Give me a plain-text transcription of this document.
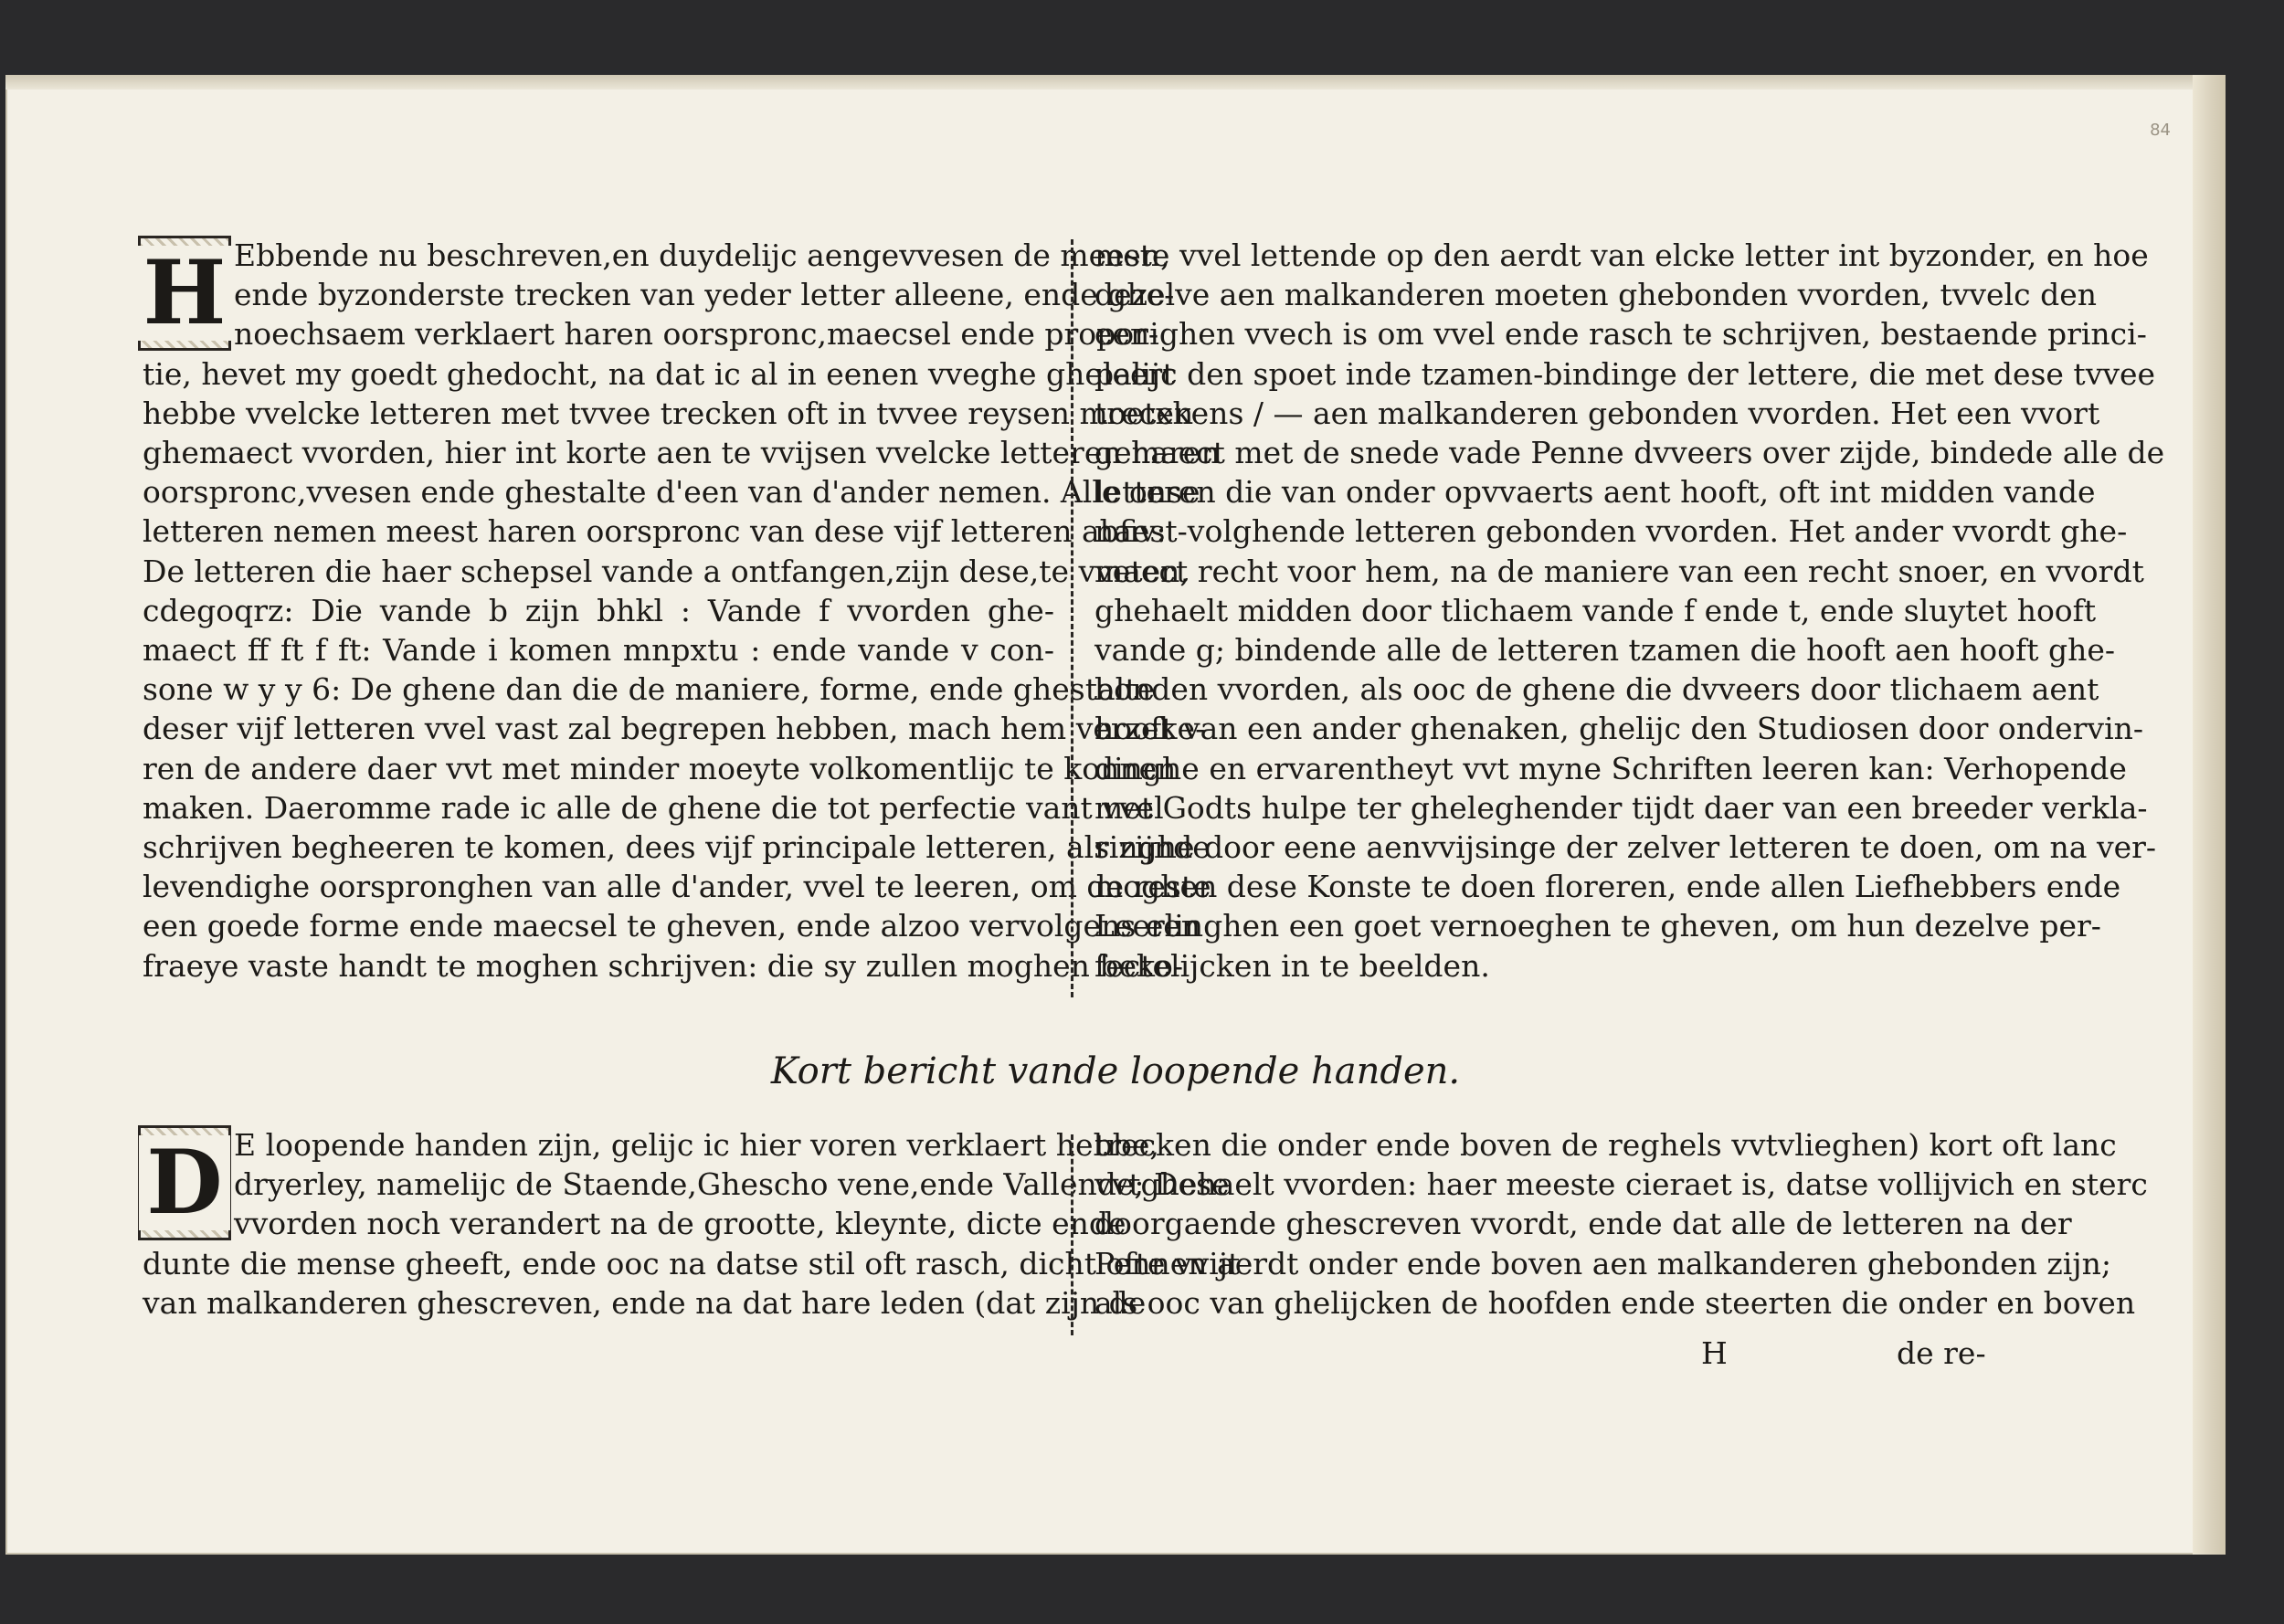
84
H Ebbende nu beschreven,en duydelijc aengevvesen de meeste
ende byzonderste trecken van yeder letter alleene, ende ghe-
noechsaem verklaert haren oorspronc,maecsel ende propor-
tie, hevet my goedt ghedocht, na dat ic al in eenen vveghe gheleert
hebbe vvelcke letteren met tvvee trecken oft in tvvee reysen moeten
ghemaect vvorden, hier int korte aen te vvijsen vvelcke letteren haren
oorspronc,vvesen ende ghestalte d'een van d'ander nemen. Alle onse
letteren nemen meest haren oorspronc van dese vijf letteren abfiv:
De letteren die haer schepsel vande a ontfangen,zijn dese,te vveten,
cdegoqrz: Die vande b zijn bhkl : Vande f vvorden ghe-
maect ff ft f ft: Vande i komen mnpxtu : ende vande v con-
sone w y y 6: De ghene dan die de maniere, forme, ende ghestalte
deser vijf letteren vvel vast zal begrepen hebben, mach hem verzeke-
ren de andere daer vvt met minder moeyte volkomentlijc te konnen
maken. Daeromme rade ic alle de ghene die tot perfectie vant vvel
schrijven begheeren te komen, dees vijf principale letteren, als zijnde
levendighe oorspronghen van alle d'ander, vvel te leeren, om de reste
een goede forme ende maecsel te gheven, ende alzoo vervolgens een
fraeye vaste handt te moghen schrijven: die sy zullen moghen beko-
men, vvel lettende op den aerdt van elcke letter int byzonder, en hoe
dezelve aen malkanderen moeten ghebonden vvorden, tvvelc den
eenighen vvech is om vvel ende rasch te schrijven, bestaende princi-
palijc den spoet inde tzamen-bindinge der lettere, die met dese tvvee
trecxkens / — aen malkanderen gebonden vvorden. Het een vvort
gemaect met de snede vade Penne dvveers over zijde, bindede alle de
letteren die van onder opvvaerts aent hooft, oft int midden vande
naest-volghende letteren gebonden vvorden. Het ander vvordt ghe-
maect recht voor hem, na de maniere van een recht snoer, en vvordt
ghehaelt midden door tlichaem vande f ende t, ende sluytet hooft
vande g; bindende alle de letteren tzamen die hooft aen hooft ghe-
bonden vvorden, als ooc de ghene die dvveers door tlichaem aent
hooft van een ander ghenaken, ghelijc den Studiosen door ondervin-
dinghe en ervarentheyt vvt myne Schriften leeren kan: Verhopende
met Godts hulpe ter gheleghender tijdt daer van een breeder verkla-
ringhe door eene aenvvijsinge der zelver letteren te doen, om na ver-
moghen dese Konste te doen floreren, ende allen Liefhebbers ende
Leerlinghen een goet vernoeghen te gheven, om hun dezelve per-
fectelijcken in te beelden.
Kort bericht vande loopende handen.
D E loopende handen zijn, gelijc ic hier voren verklaert hebbe,
dryerley, namelijc de Staende,Ghescho vene,ende Vallende; Dese
vvorden noch verandert na de grootte, kleynte, dicte ende
dunte die mense gheeft, ende ooc na datse stil oft rasch, dicht ofte vvijt
van malkanderen ghescreven, ende na dat hare leden (dat zijn de
trecken die onder ende boven de reghels vvtvlieghen) kort oft lanc
vvtghehaelt vvorden: haer meeste cieraet is, datse vollijvich en sterc
doorgaende ghescreven vvordt, ende dat alle de letteren na der
Pennen aerdt onder ende boven aen malkanderen ghebonden zijn;
als ooc van ghelijcken de hoofden ende steerten die onder en boven
H	de re-
